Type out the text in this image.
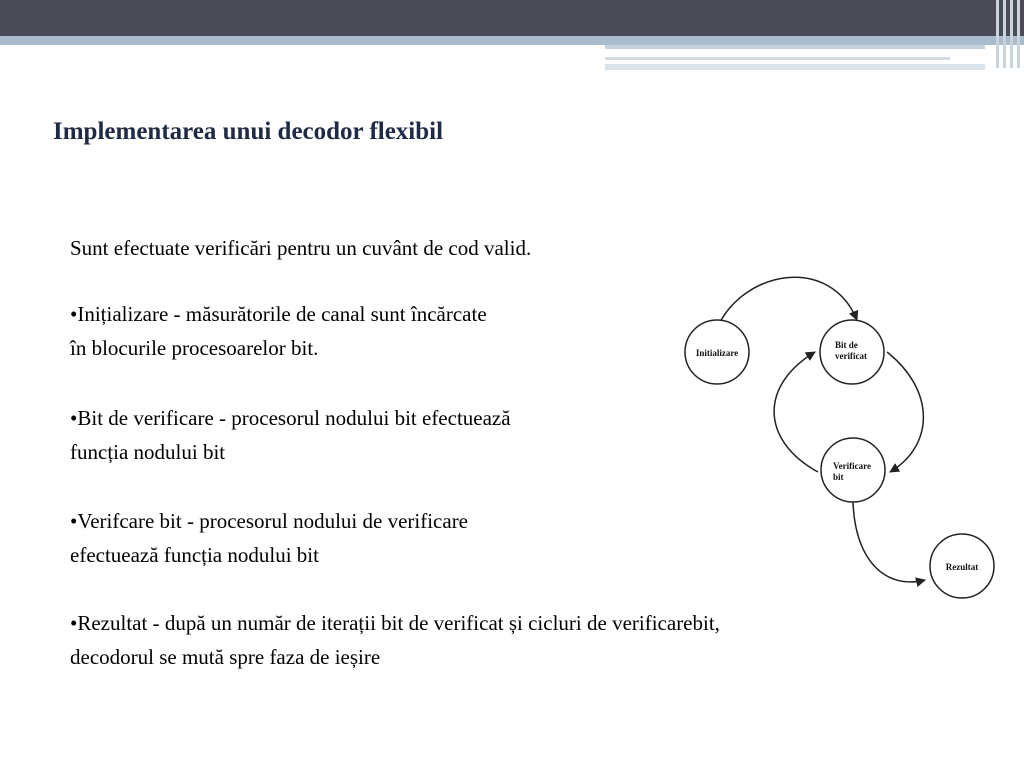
Implementarea unui decodor flexibil
Sunt efectuate verificări pentru un cuvânt de cod valid.
•Inițializare - măsurătorile de canal sunt încărcate
în blocurile procesoarelor bit.
•Bit de verificare - procesorul nodului bit efectuează
funcția nodului bit
•Verifcare bit - procesorul nodului de verificare
efectuează funcția nodului bit
•Rezultat - după un număr de iterații bit de verificat și cicluri de verificarebit,
decodorul se mută spre faza de ieșire
Initializare
Bit de
verificat
Verificare
bit
Rezultat
